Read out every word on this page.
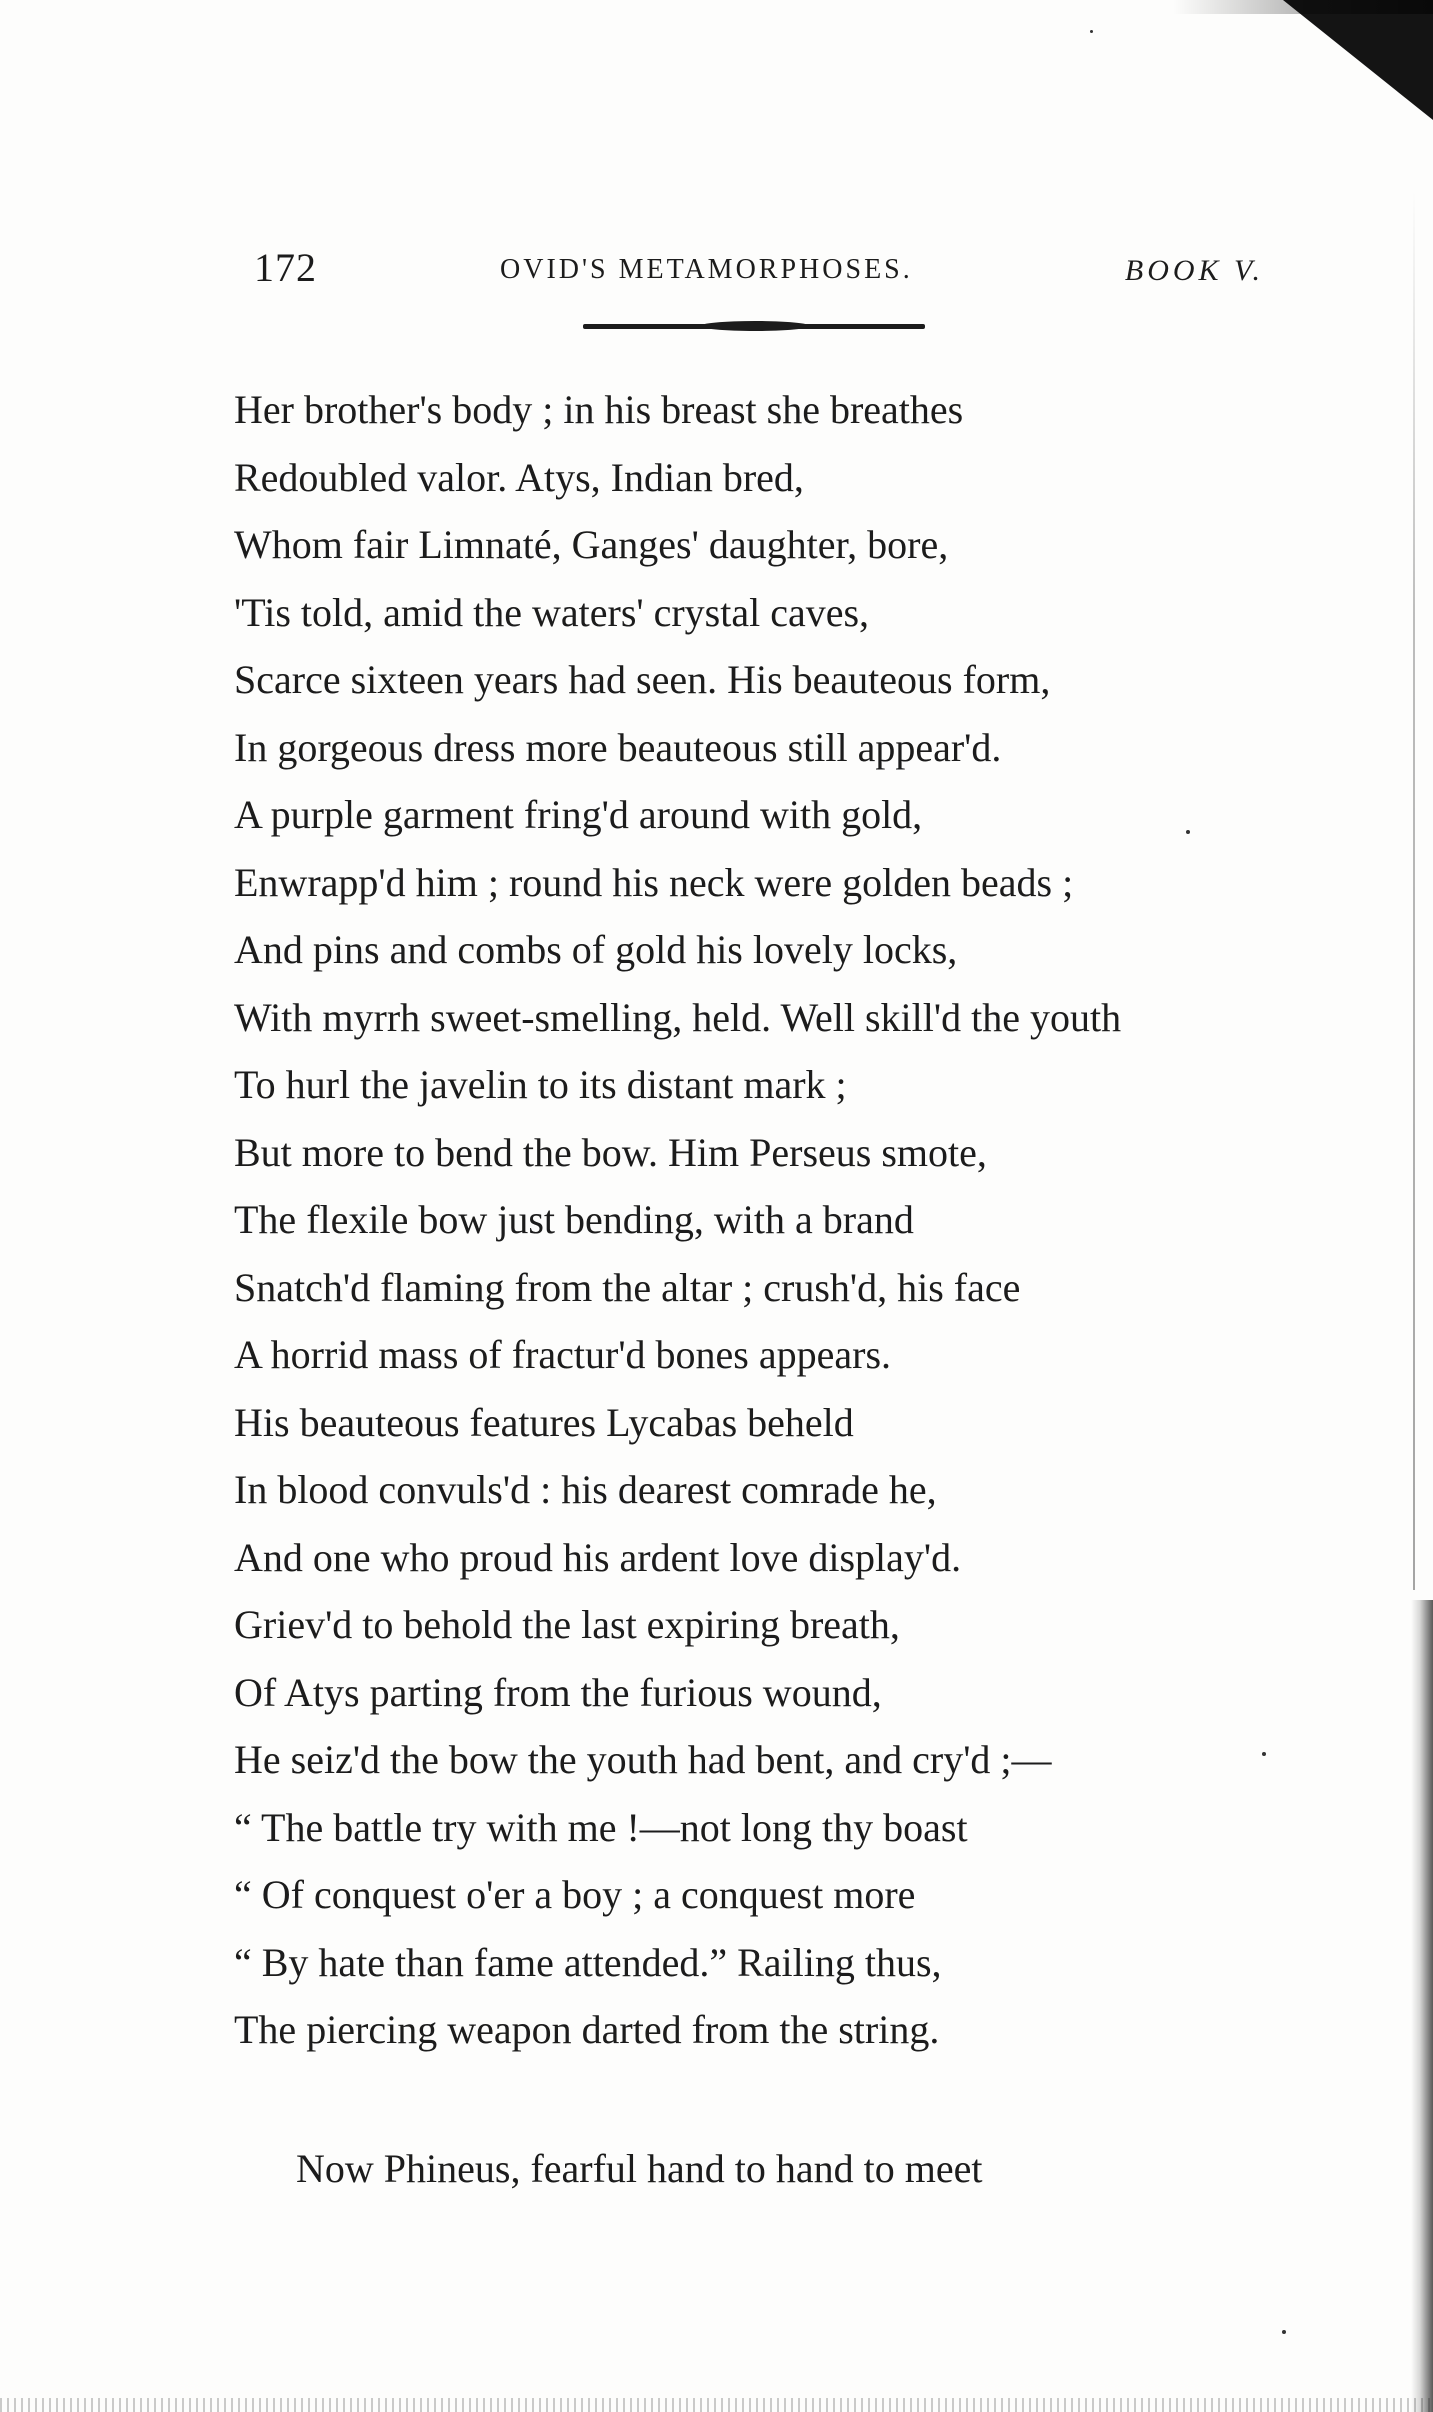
172	OVID'S METAMORPHOSES.	BOOK V.
Her brother's body ; in his breast she breathes
Redoubled valor. Atys, Indian bred,
Whom fair Limnaté, Ganges' daughter, bore,
'Tis told, amid the waters' crystal caves,
Scarce sixteen years had seen. His beauteous form,
In gorgeous dress more beauteous still appear'd.
A purple garment fring'd around with gold,
Enwrapp'd him ; round his neck were golden beads ;
And pins and combs of gold his lovely locks,
With myrrh sweet-smelling, held. Well skill'd the youth
To hurl the javelin to its distant mark ;
But more to bend the bow. Him Perseus smote,
The flexile bow just bending, with a brand
Snatch'd flaming from the altar ; crush'd, his face
A horrid mass of fractur'd bones appears.
His beauteous features Lycabas beheld
In blood convuls'd : his dearest comrade he,
And one who proud his ardent love display'd.
Griev'd to behold the last expiring breath,
Of Atys parting from the furious wound,
He seiz'd the bow the youth had bent, and cry'd ;—
“ The battle try with me !—not long thy boast
“ Of conquest o'er a boy ; a conquest more
“ By hate than fame attended.” Railing thus,
The piercing weapon darted from the string.
Now Phineus, fearful hand to hand to meet
